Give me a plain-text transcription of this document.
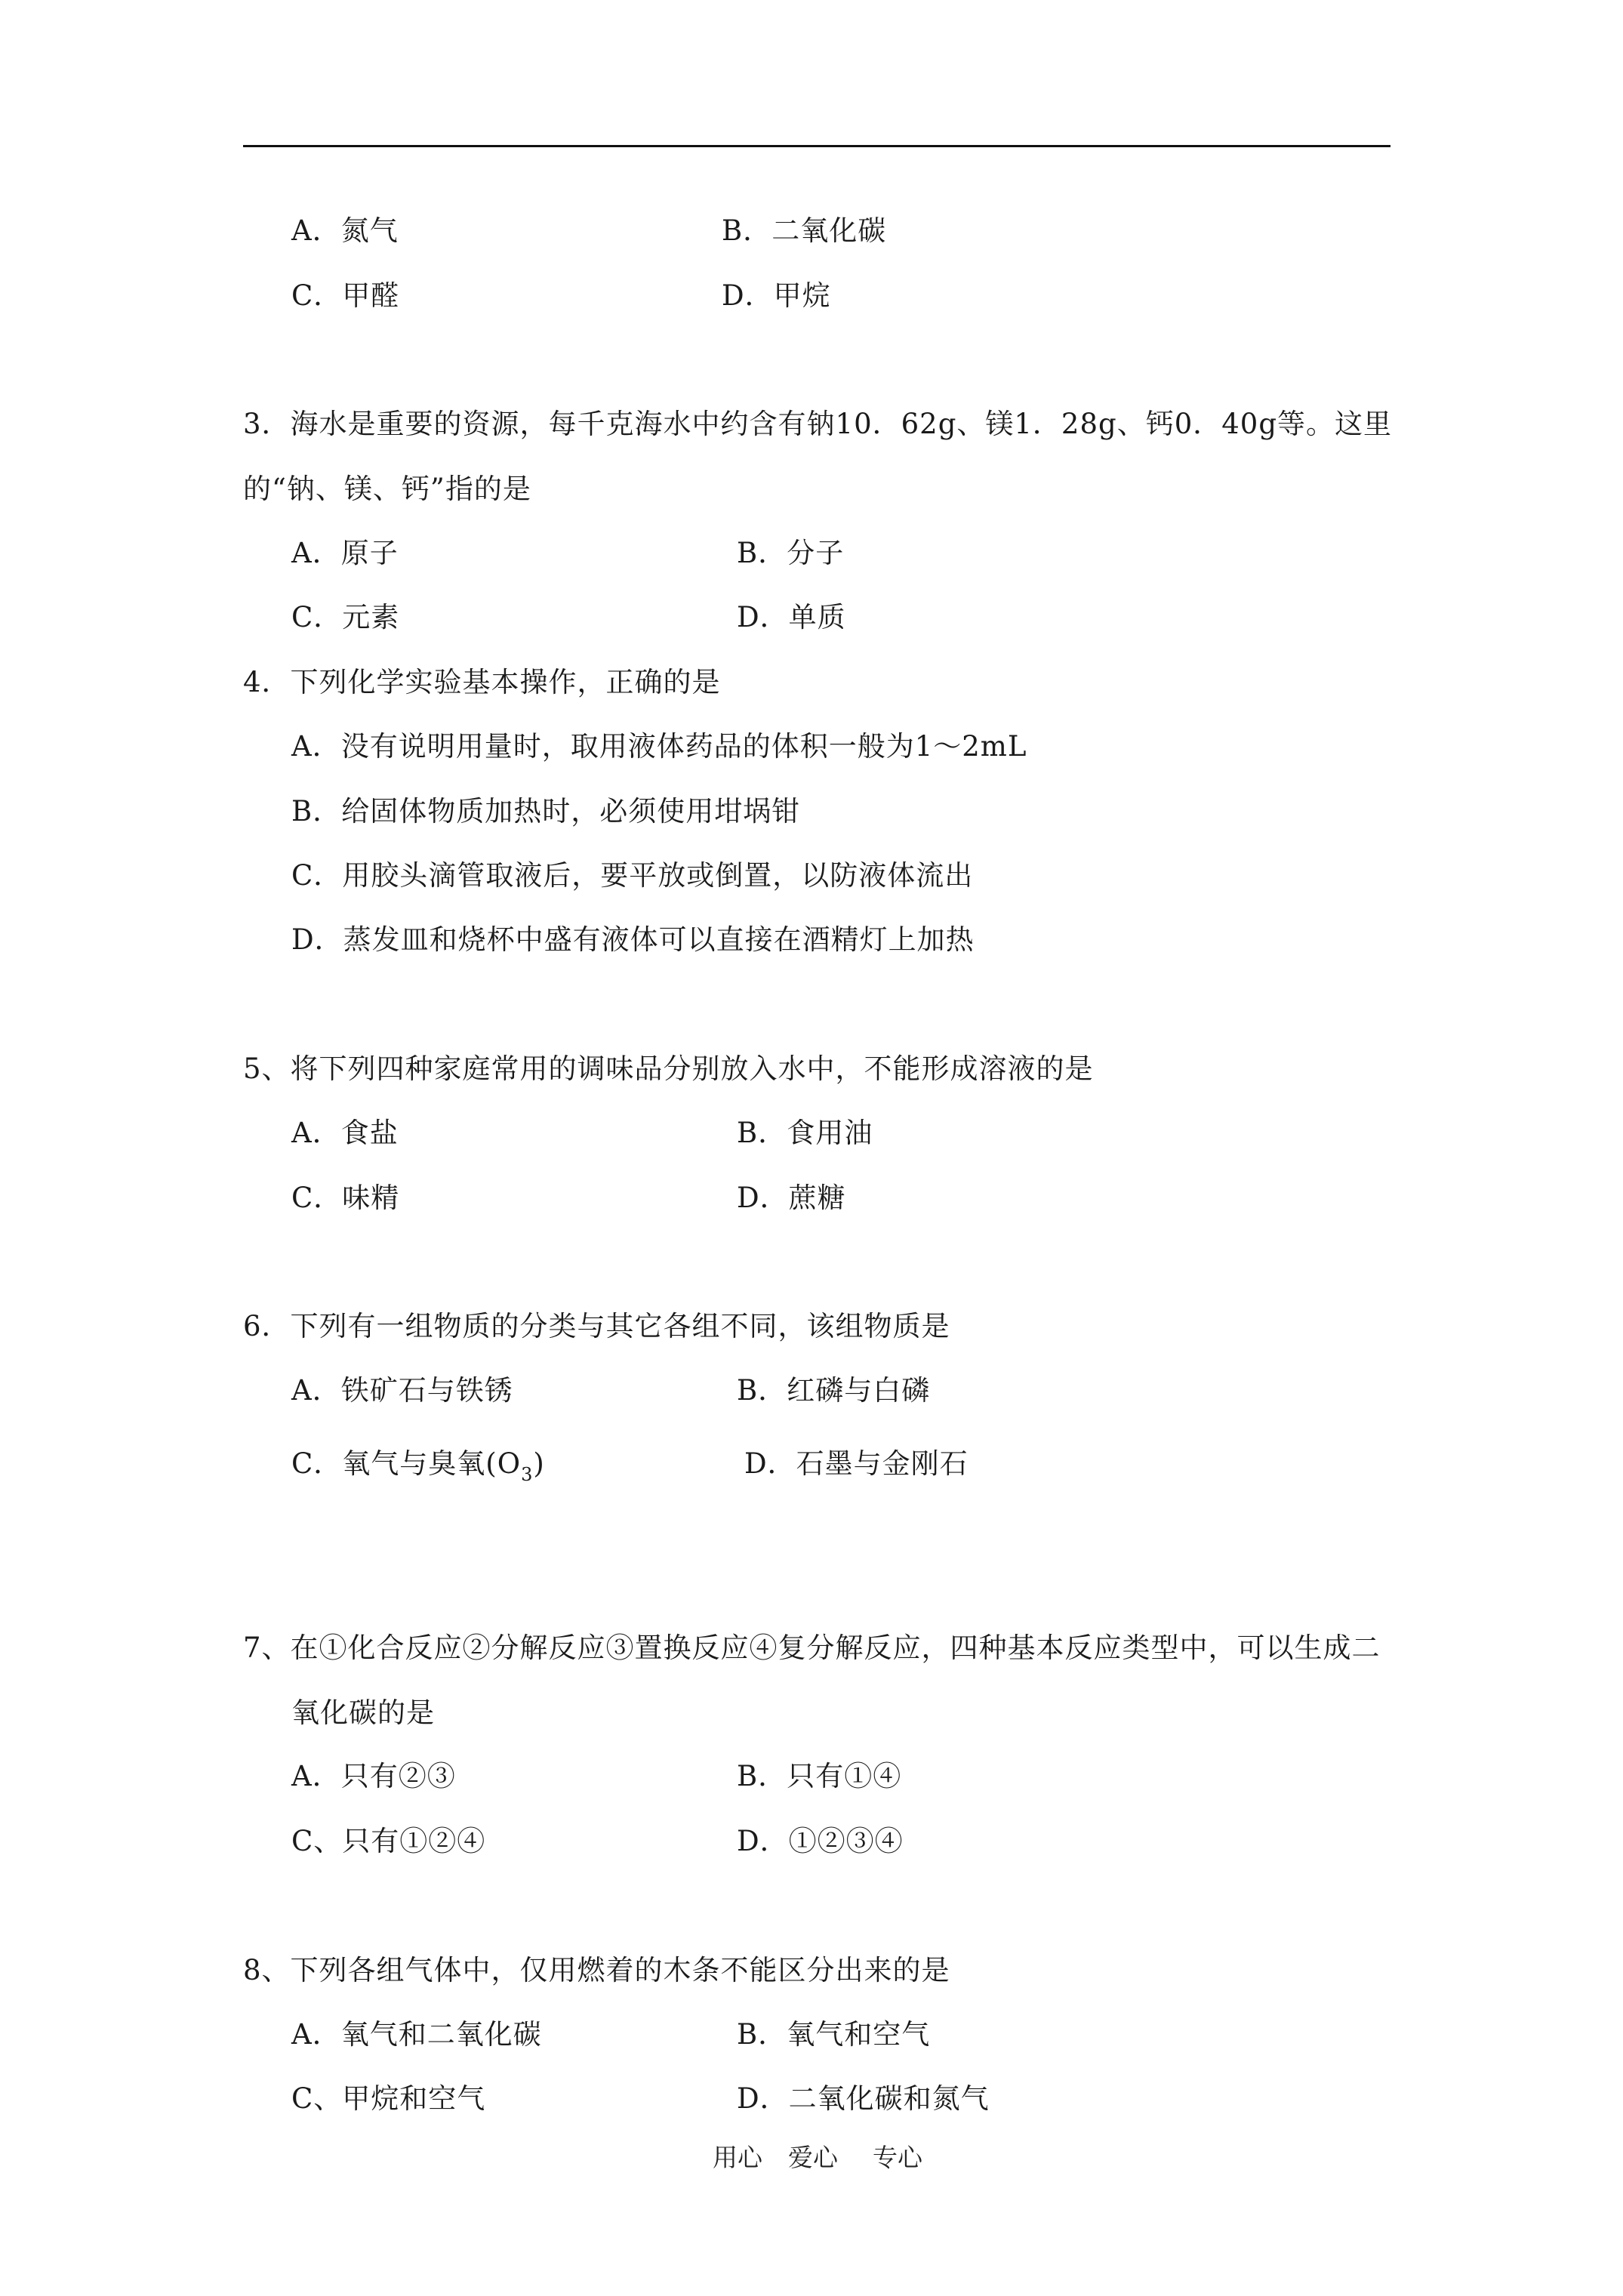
A．氮气	B．二氧化碳
C．甲醛	D．甲烷
3．海水是重要的资源，每千克海水中约含有钠10．62g、镁1．28g、钙0．40g等。这里
的“钠、镁、钙”指的是
A．原子	B．分子
C．元素	D．单质
4．下列化学实验基本操作，正确的是
A．没有说明用量时，取用液体药品的体积一般为1～2mL
B．给固体物质加热时，必须使用坩埚钳
C．用胶头滴管取液后，要平放或倒置，以防液体流出
D．蒸发皿和烧杯中盛有液体可以直接在酒精灯上加热
5、将下列四种家庭常用的调味品分别放入水中，不能形成溶液的是
A．食盐	B．食用油
C．味精	D．蔗糖
6．下列有一组物质的分类与其它各组不同，该组物质是
A．铁矿石与铁锈	B．红磷与白磷
C．氧气与臭氧$(O_3)$	D．石墨与金刚石
7、在①化合反应②分解反应③置换反应④复分解反应，四种基本反应类型中，可以生成二
氧化碳的是
A．只有②③	B．只有①④
C、只有①②④	D．①②③④
8、下列各组气体中，仅用燃着的木条不能区分出来的是
A．氧气和二氧化碳	B．氧气和空气
C、甲烷和空气	D．二氧化碳和氮气
用心 爱心 专心
